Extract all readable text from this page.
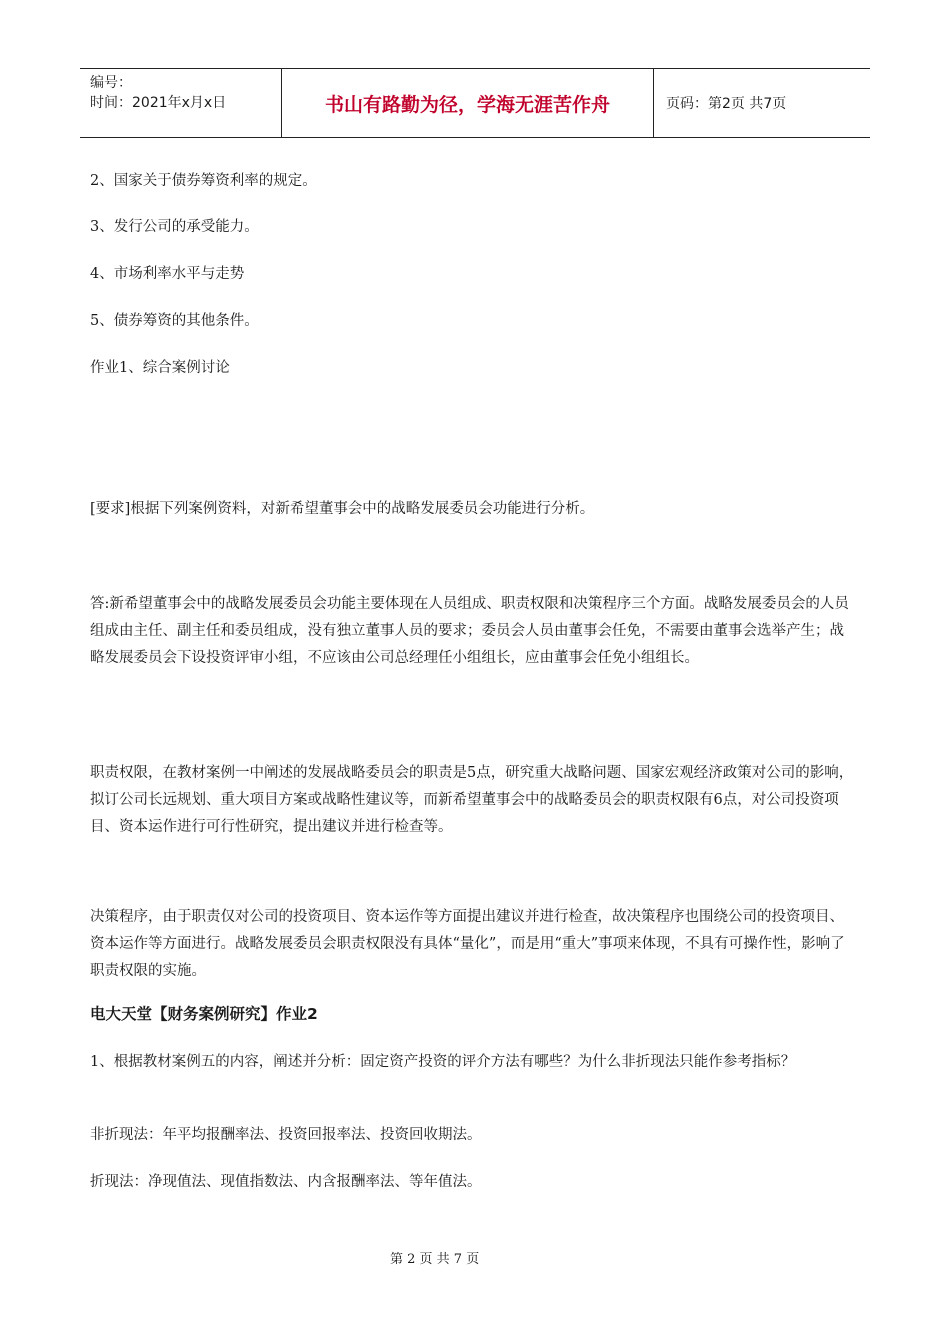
编号：
时间：2021年x月x日	书山有路勤为径，学海无涯苦作舟	页码：第2页 共7页

2、国家关于债券筹资利率的规定。

3、发行公司的承受能力。

4、市场利率水平与走势

5、债券筹资的其他条件。

作业1、综合案例讨论

[要求]根据下列案例资料，对新希望董事会中的战略发展委员会功能进行分析。

答:新希望董事会中的战略发展委员会功能主要体现在人员组成、职责权限和决策程序三个方面。战略发展委员会的人员组成由主任、副主任和委员组成，没有独立董事人员的要求；委员会人员由董事会任免，不需要由董事会选举产生；战略发展委员会下设投资评审小组，不应该由公司总经理任小组组长，应由董事会任免小组组长。

职责权限，在教材案例一中阐述的发展战略委员会的职责是5点，研究重大战略问题、国家宏观经济政策对公司的影响，拟订公司长远规划、重大项目方案或战略性建议等，而新希望董事会中的战略委员会的职责权限有6点，对公司投资项目、资本运作进行可行性研究，提出建议并进行检查等。

决策程序，由于职责仅对公司的投资项目、资本运作等方面提出建议并进行检查，故决策程序也围绕公司的投资项目、资本运作等方面进行。战略发展委员会职责权限没有具体“量化”，而是用“重大”事项来体现，不具有可操作性，影响了职责权限的实施。

电大天堂【财务案例研究】作业2

1、根据教材案例五的内容，阐述并分析：固定资产投资的评介方法有哪些？为什么非折现法只能作参考指标？

非折现法：年平均报酬率法、投资回报率法、投资回收期法。

折现法：净现值法、现值指数法、内含报酬率法、等年值法。

第 2 页 共 7 页
